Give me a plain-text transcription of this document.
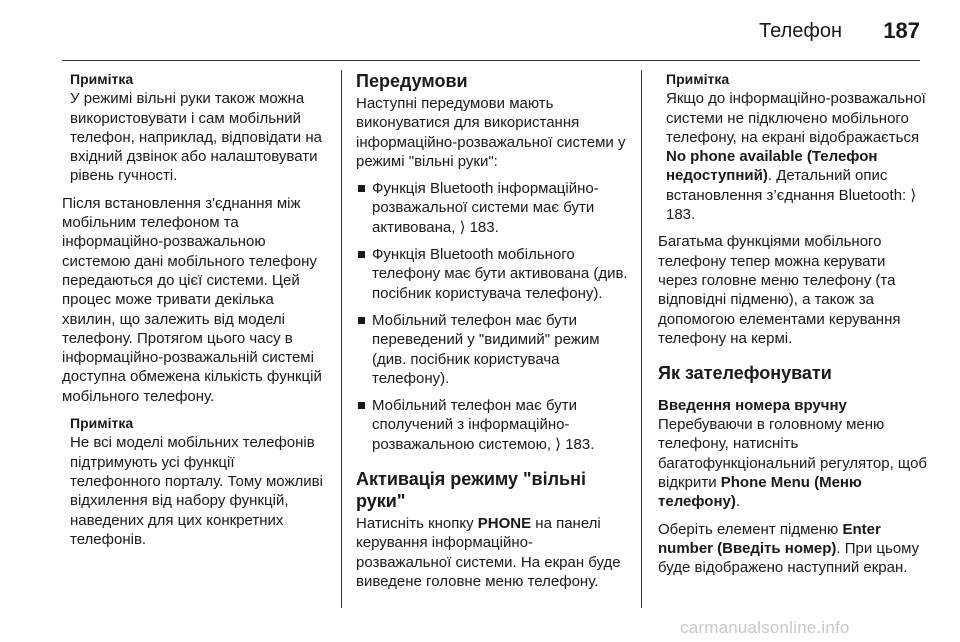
Телефон 187
Примітка
У режимі вільні руки також можна використовувати і сам мобільний телефон, наприклад, відповідати на вхідний дзвінок або налаштовувати рівень гучності.

Після встановлення з'єднання між мобільним телефоном та інформаційно-розважальною системою дані мобільного телефону передаються до цієї системи. Цей процес може тривати декілька хвилин, що залежить від моделі телефону. Протягом цього часу в інформаційно-розважальній системі доступна обмежена кількість функцій мобільного телефону.

Примітка
Не всі моделі мобільних телефонів підтримують усі функції телефонного порталу. Тому можливі відхилення від набору функцій, наведених для цих конкретних телефонів.
Передумови

Наступні передумови мають виконуватися для використання інформаційно-розважальної системи у режимі "вільні руки":

Функція Bluetooth інформаційно-розважальної системи має бути активована, ⟩ 183.
Функція Bluetooth мобільного телефону має бути активована (див. посібник користувача телефону).
Мобільний телефон має бути переведений у "видимий" режим (див. посібник користувача телефону).
Мобільний телефон має бути сполучений з інформаційно-розважальною системою, ⟩ 183.
Активація режиму "вільні руки"

Натисніть кнопку PHONE на панелі керування інформаційно-розважальної системи. На екран буде виведене головне меню телефону.

Примітка
Якщо до інформаційно-розважальної системи не підключено мобільного телефону, на екрані відображається No phone available (Телефон недоступний). Детальний опис встановлення з’єднання Bluetooth: ⟩ 183.

Багатьма функціями мобільного телефону тепер можна керувати через головне меню телефону (та відповідні підменю), а також за допомогою елементами керування телефону на кермі.

Як зателефонувати
Введення номера вручну

Перебуваючи в головному меню телефону, натисніть багатофункціональний регулятор, щоб відкрити Phone Menu (Меню телефону).

Оберіть елемент підменю Enter number (Введіть номер). При цьому буде відображено наступний екран.

carmanualsonline.info
